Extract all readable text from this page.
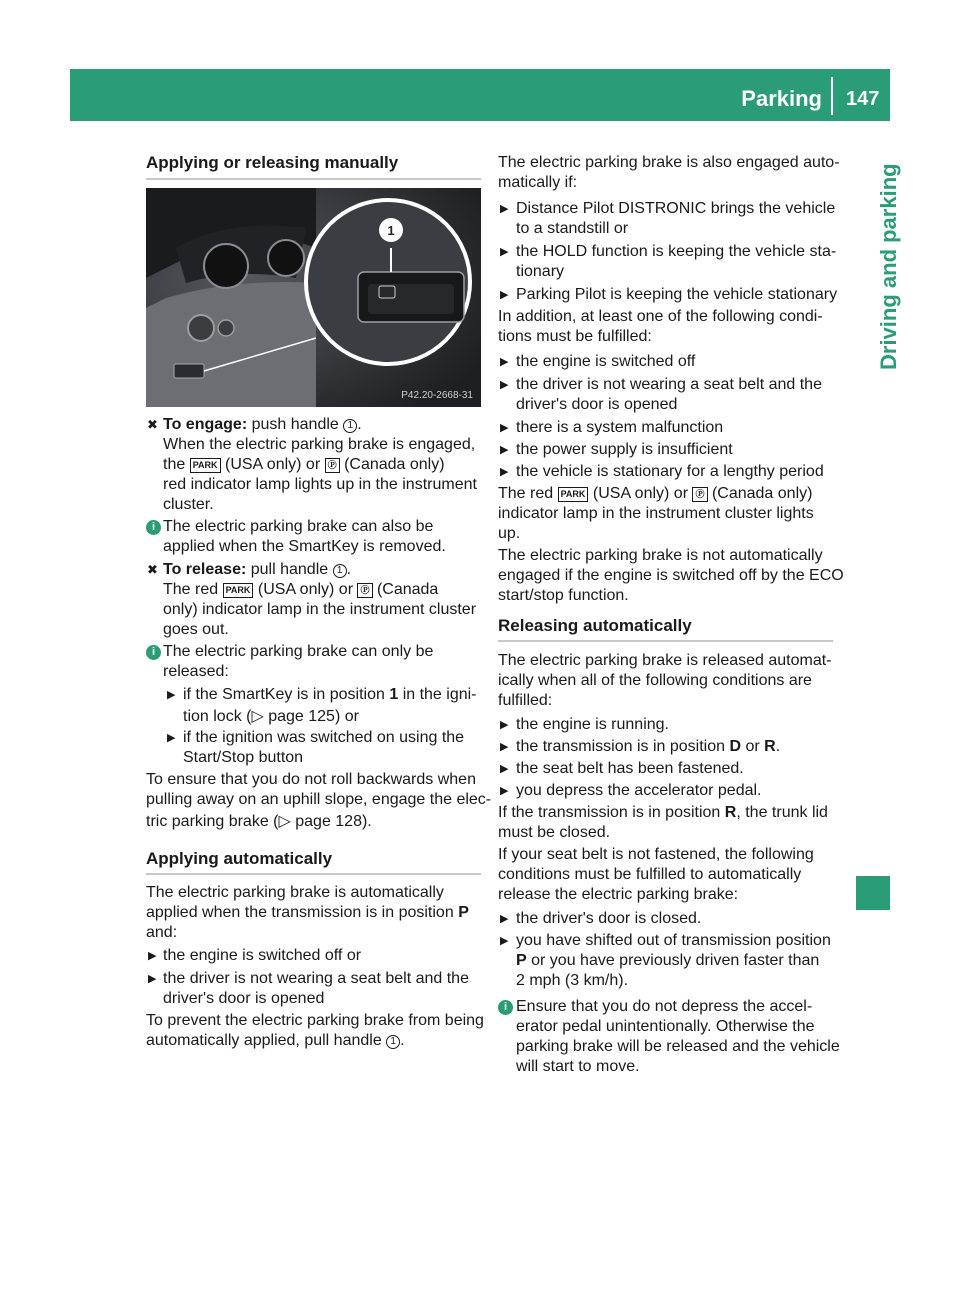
Parking 147
Driving and parking
Applying or releasing manually
1
P42.20-2668-31
✖ To engage: push handle 1 .
When the electric parking brake is engaged,
the PARK (USA only) or Ⓟ (Canada only)
red indicator lamp lights up in the instrument
cluster.
i The electric parking brake can also be
applied when the SmartKey is removed.
✖ To release: pull handle 1 .
The red PARK (USA only) or Ⓟ (Canada
only) indicator lamp in the instrument cluster
goes out.
i The electric parking brake can only be
released:
▶ if the SmartKey is in position 1 in the igni-
tion lock (▷ page 125) or
▶ if the ignition was switched on using the
Start/Stop button
To ensure that you do not roll backwards when
pulling away on an uphill slope, engage the elec-
tric parking brake (▷ page 128).
Applying automatically
The electric parking brake is automatically
applied when the transmission is in position P
and:
▶ the engine is switched off or
▶ the driver is not wearing a seat belt and the
driver's door is opened
To prevent the electric parking brake from being
automatically applied, pull handle 1 .
The electric parking brake is also engaged auto-
matically if:
▶ Distance Pilot DISTRONIC brings the vehicle
to a standstill or
▶ the HOLD function is keeping the vehicle sta-
tionary
▶ Parking Pilot is keeping the vehicle stationary
In addition, at least one of the following condi-
tions must be fulfilled:
▶ the engine is switched off
▶ the driver is not wearing a seat belt and the
driver's door is opened
▶ there is a system malfunction
▶ the power supply is insufficient
▶ the vehicle is stationary for a lengthy period
The red PARK (USA only) or Ⓟ (Canada only)
indicator lamp in the instrument cluster lights
up.
The electric parking brake is not automatically
engaged if the engine is switched off by the ECO
start/stop function.
Releasing automatically
The electric parking brake is released automat-
ically when all of the following conditions are
fulfilled:
▶ the engine is running.
▶ the transmission is in position D or R.
▶ the seat belt has been fastened.
▶ you depress the accelerator pedal.
If the transmission is in position R, the trunk lid
must be closed.
If your seat belt is not fastened, the following
conditions must be fulfilled to automatically
release the electric parking brake:
▶ the driver's door is closed.
▶ you have shifted out of transmission position
P or you have previously driven faster than
2 mph (3 km/h).
i Ensure that you do not depress the accel-
erator pedal unintentionally. Otherwise the
parking brake will be released and the vehicle
will start to move.
